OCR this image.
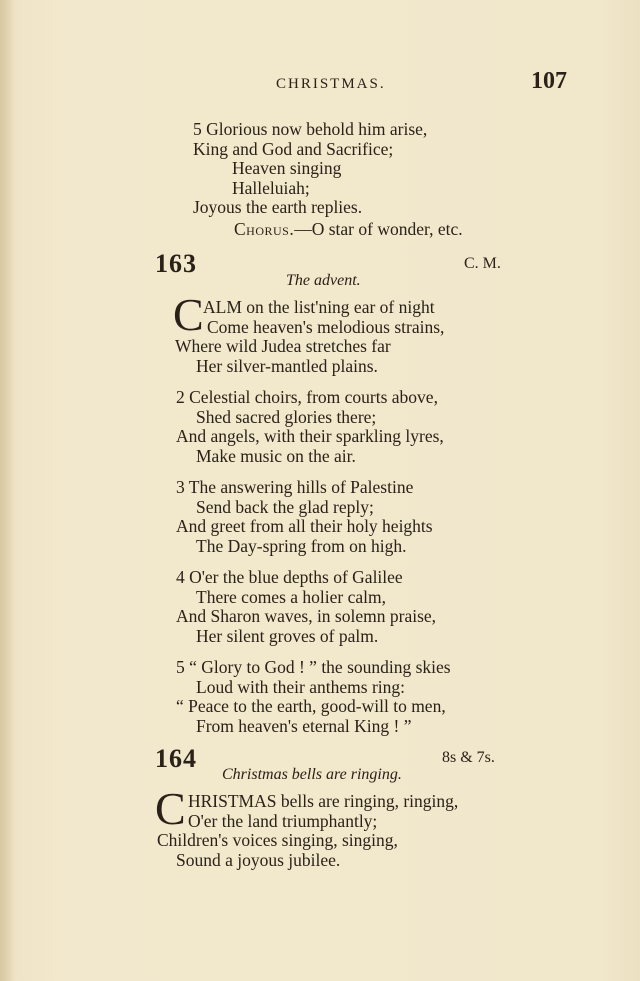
CHRISTMAS.	107
5 Glorious now behold him arise,
King and God and Sacrifice;
Heaven singing
Halleluiah;
Joyous the earth replies.
Chorus.—O star of wonder, etc.
163	C. M.
The advent.
C ALM on the list'ning ear of night
Come heaven's melodious strains,
Where wild Judea stretches far
Her silver-mantled plains.
2 Celestial choirs, from courts above,
Shed sacred glories there;
And angels, with their sparkling lyres,
Make music on the air.
3 The answering hills of Palestine
Send back the glad reply;
And greet from all their holy heights
The Day-spring from on high.
4 O'er the blue depths of Galilee
There comes a holier calm,
And Sharon waves, in solemn praise,
Her silent groves of palm.
5 “ Glory to God ! ” the sounding skies
Loud with their anthems ring:
“ Peace to the earth, good-will to men,
From heaven's eternal King ! ”
164	8s & 7s.
Christmas bells are ringing.
C HRISTMAS bells are ringing, ringing,
O'er the land triumphantly;
Children's voices singing, singing,
Sound a joyous jubilee.
